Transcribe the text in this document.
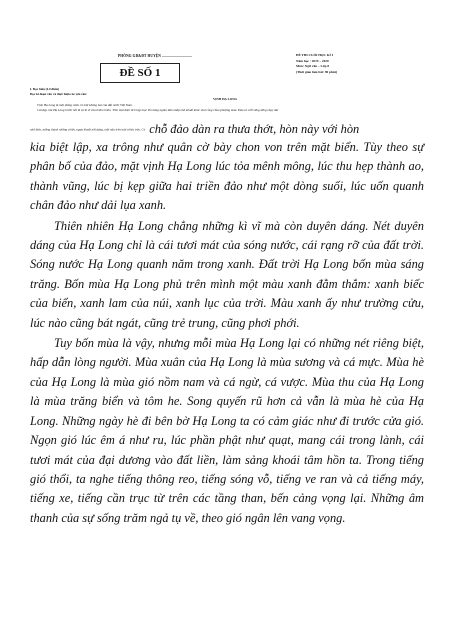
PHÒNG GD&ĐT HUYỆN ..............................	ĐỀ THI CUỐI HỌC KÌ I
Năm học : 2019 – 2020
Môn: Ngữ văn – Lớp 8
(Thời gian làm bài: 90 phút)
ĐỀ SỐ 1
I. Đọc hiểu (4.0 điểm)
Đọc kĩ đoạn văn và thực hiện các yêu cầu:
VỊNH HẠ LONG
Vịnh Hạ Long là một thắng cảnh có một không hai của đất nước Việt Nam.
Cái đẹp của Hạ Long trước hết là sự kì vĩ của thiên nhiên. Trên một diện tích hẹp mọc lên hàng nghìn đảo nhấp nhô khuất khúc như rồng chầu phượng múa. Đảo có chỗ sừng sững chạy dài
nhô biển, tưởng thành những chiến, ngựa khuất nối dàng, mũi nâu trên mỏi chiêu trên. Có chỗ đảo dàn ra thưa thớt, hòn này với hòn

kia biệt lập, xa trông như quân cờ bày chon von trên mặt biển. Tùy theo sự phân bố của đảo, mặt vịnh Hạ Long lúc tỏa mênh mông, lúc thu hẹp thành ao, thành vũng, lúc bị kẹp giữa hai triền đảo như một dòng suối, lúc uốn quanh chân đảo như dải lụa xanh.

Thiên nhiên Hạ Long chẳng những kì vĩ mà còn duyên dáng. Nét duyên dáng của Hạ Long chỉ là cái tươi mát của sóng nước, cái rạng rỡ của đất trời. Sóng nước Hạ Long quanh năm trong xanh. Đất trời Hạ Long bốn mùa sáng trăng. Bốn mùa Hạ Long phủ trên mình một màu xanh đằm thắm: xanh biếc của biển, xanh lam của núi, xanh lục của trời. Màu xanh ấy như trường cửu, lúc nào cũng bát ngát, cũng trẻ trung, cũng phơi phới.

Tuy bốn mùa là vậy, nhưng mỗi mùa Hạ Long lại có những nét riêng biệt, hấp dẫn lòng người. Mùa xuân của Hạ Long là mùa sương và cá mực. Mùa hè của Hạ Long là mùa gió nồm nam và cá ngừ, cá vược. Mùa thu của Hạ Long là mùa trăng biển và tôm he. Song quyến rũ hơn cả vẫn là mùa hè của Hạ Long. Những ngày hè đi bên bờ Hạ Long ta có cảm giác như đi trước cửa gió. Ngọn gió lúc êm á như ru, lúc phần phật như quạt, mang cái trong lành, cái tươi mát của đại dương vào đất liền, làm sảng khoái tâm hồn ta. Trong tiếng gió thổi, ta nghe tiếng thông reo, tiếng sóng vỗ, tiếng ve ran và cả tiếng máy, tiếng xe, tiếng cần trục từ trên các tầng than, bến cảng vọng lại. Những âm thanh của sự sống trăm ngả tụ về, theo gió ngân lên vang vọng.
